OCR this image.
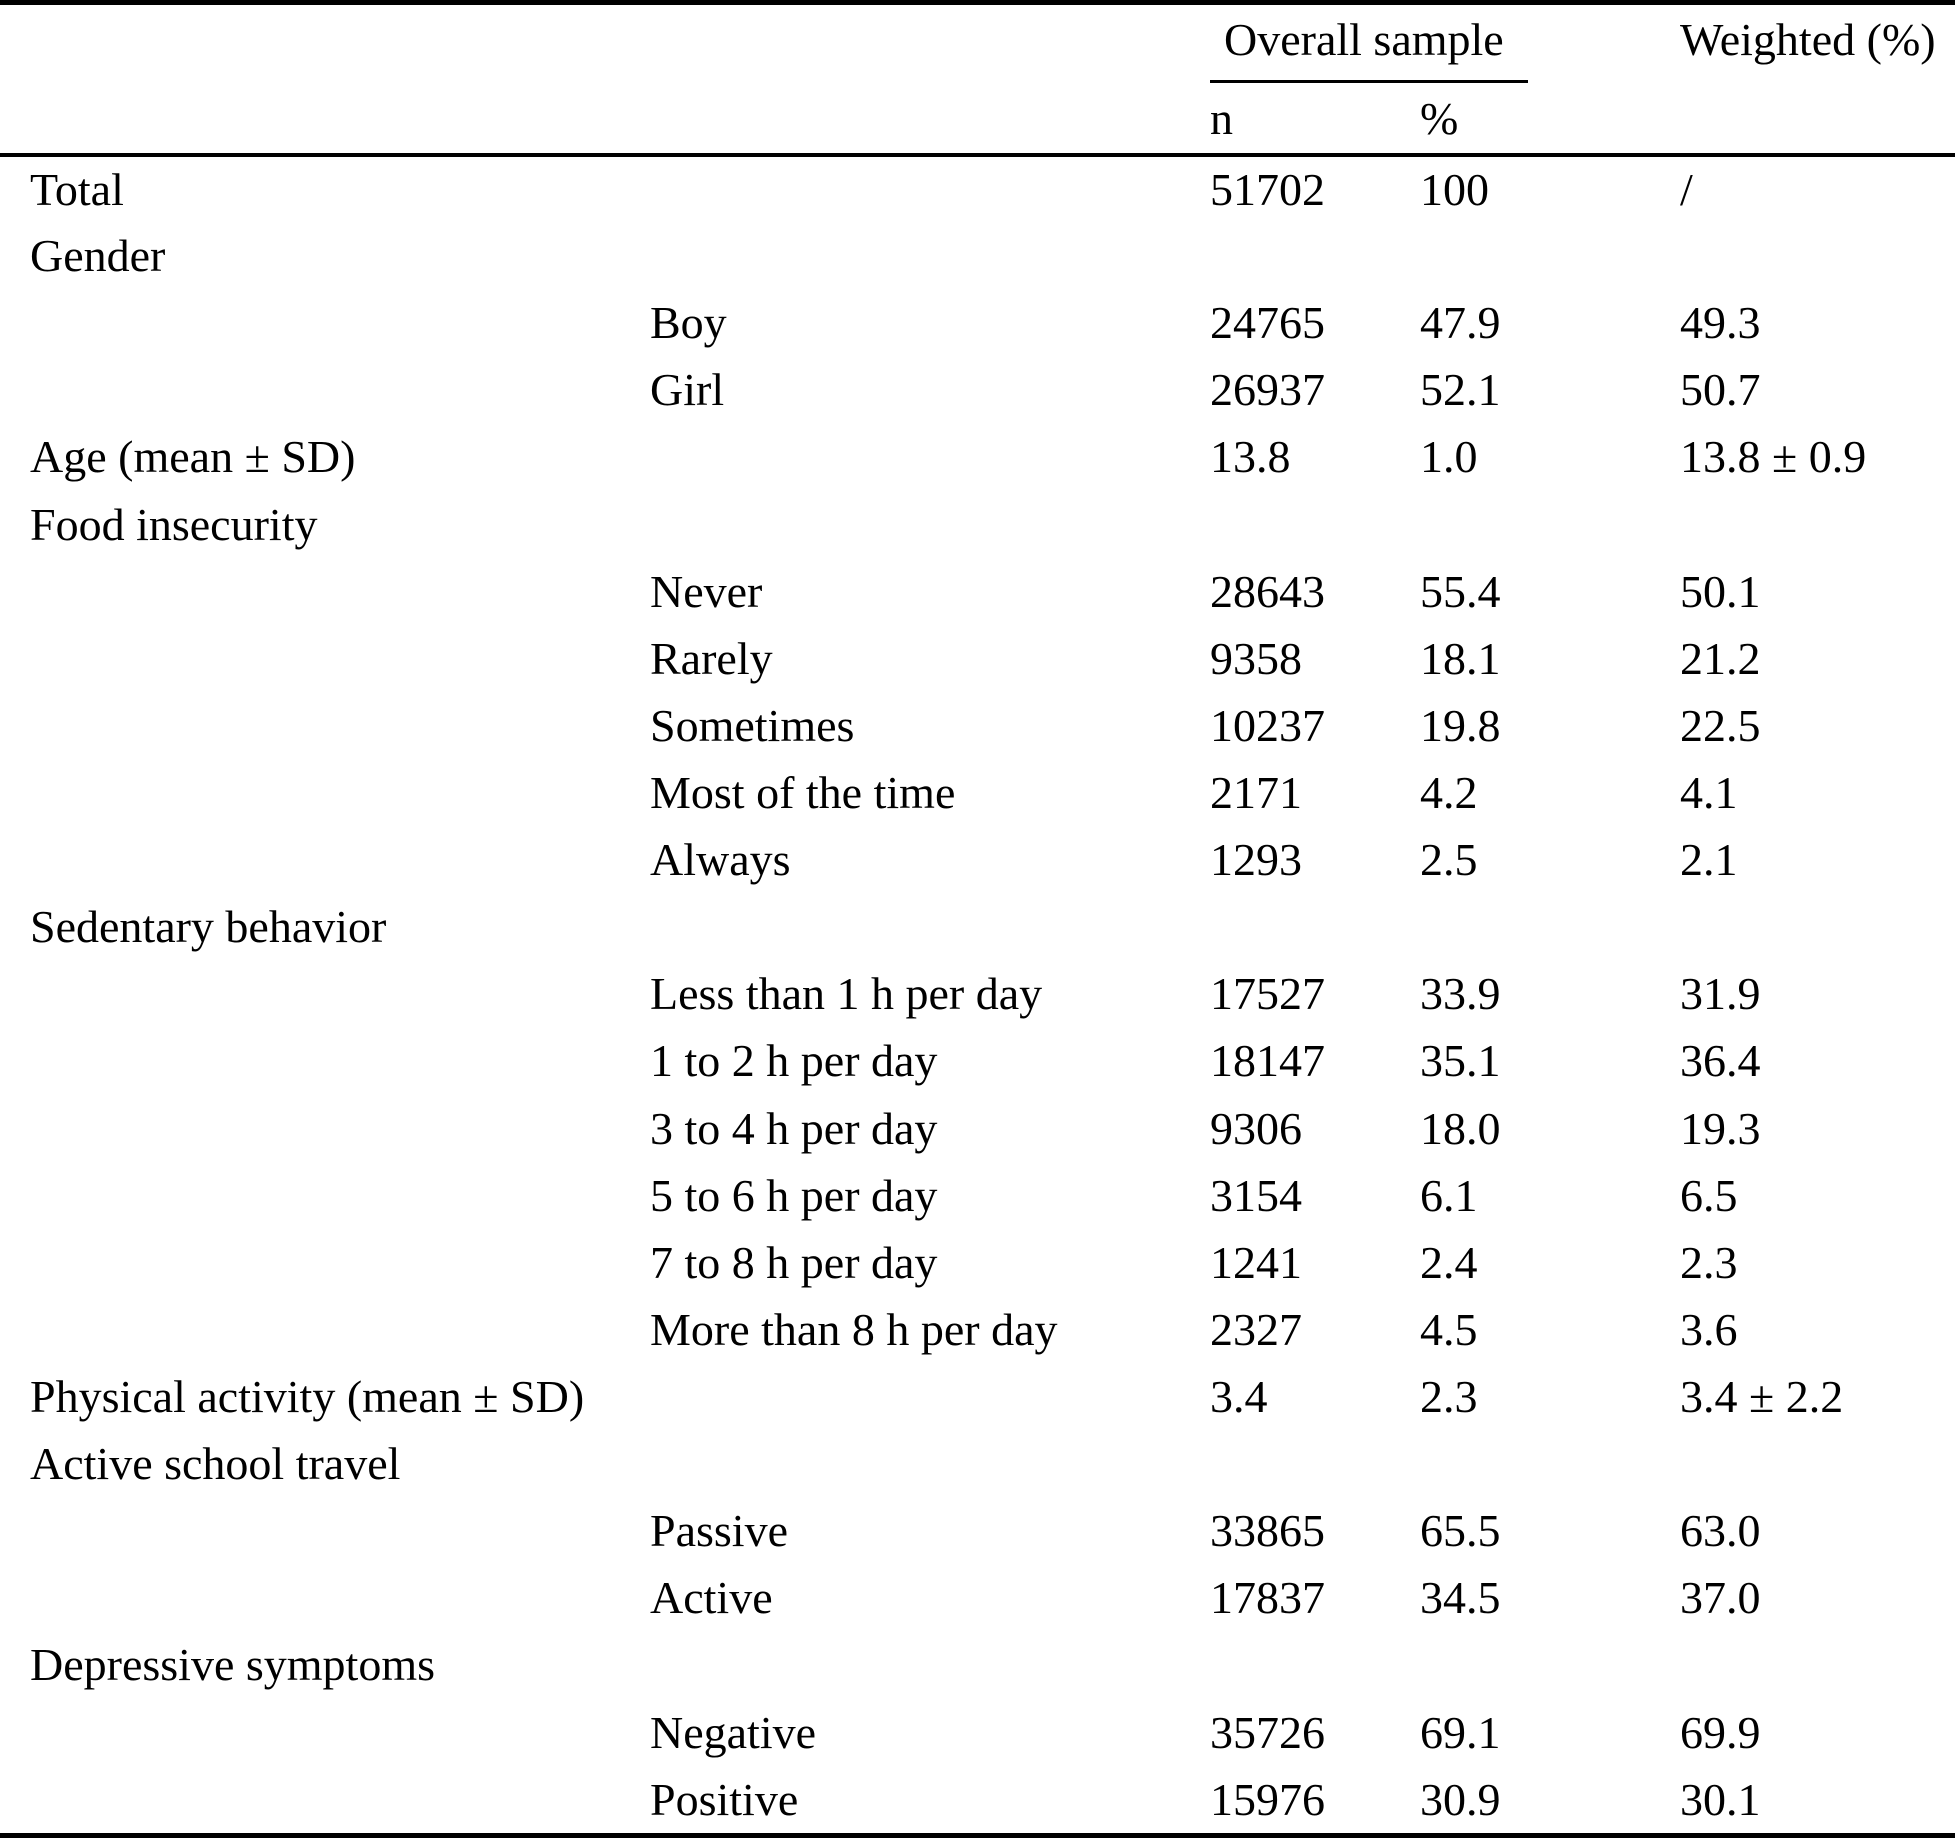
		Overall sample		Weighted (%)
		n	%	
Total		51702	100	/
Gender				
	Boy	24765	47.9	49.3
	Girl	26937	52.1	50.7
Age (mean ± SD)		13.8	1.0	13.8 ± 0.9
Food insecurity				
	Never	28643	55.4	50.1
	Rarely	9358	18.1	21.2
	Sometimes	10237	19.8	22.5
	Most of the time	2171	4.2	4.1
	Always	1293	2.5	2.1
Sedentary behavior				
	Less than 1 h per day	17527	33.9	31.9
	1 to 2 h per day	18147	35.1	36.4
	3 to 4 h per day	9306	18.0	19.3
	5 to 6 h per day	3154	6.1	6.5
	7 to 8 h per day	1241	2.4	2.3
	More than 8 h per day	2327	4.5	3.6
Physical activity (mean ± SD)		3.4	2.3	3.4 ± 2.2
Active school travel				
	Passive	33865	65.5	63.0
	Active	17837	34.5	37.0
Depressive symptoms				
	Negative	35726	69.1	69.9
	Positive	15976	30.9	30.1
